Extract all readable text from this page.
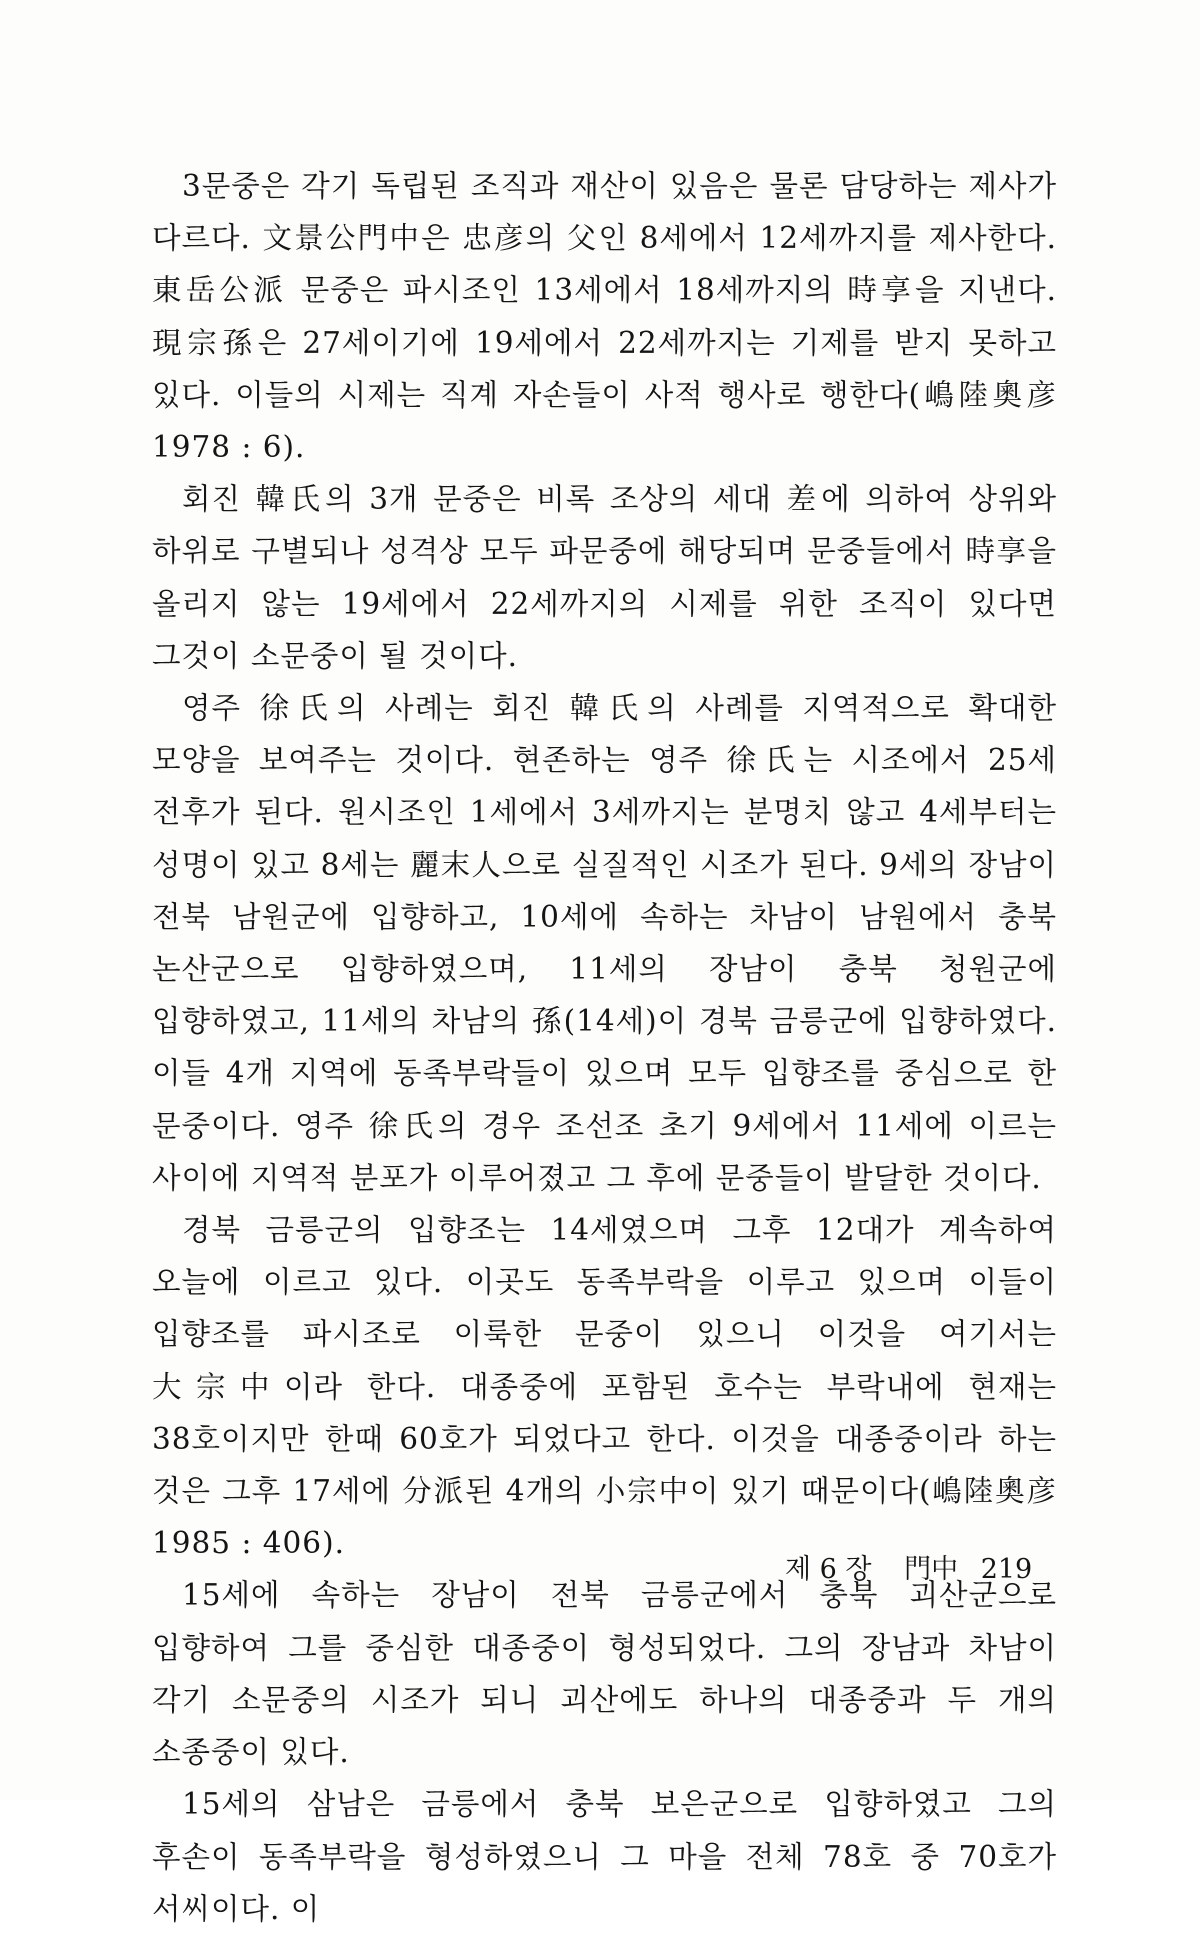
3문중은 각기 독립된 조직과 재산이 있음은 물론 담당하는 제사가 다르다. 文景公門中은 忠彦의 父인 8세에서 12세까지를 제사한다. 東岳公派 문중은 파시조인 13세에서 18세까지의 時享을 지낸다. 現宗孫은 27세이기에 19세에서 22세까지는 기제를 받지 못하고 있다. 이들의 시제는 직계 자손들이 사적 행사로 행한다(嶋陸奧彦 1978 : 6).

회진 韓氏의 3개 문중은 비록 조상의 세대 差에 의하여 상위와 하위로 구별되나 성격상 모두 파문중에 해당되며 문중들에서 時享을 올리지 않는 19세에서 22세까지의 시제를 위한 조직이 있다면 그것이 소문중이 될 것이다.

영주 徐氏의 사례는 회진 韓氏의 사례를 지역적으로 확대한 모양을 보여주는 것이다. 현존하는 영주 徐氏는 시조에서 25세 전후가 된다. 원시조인 1세에서 3세까지는 분명치 않고 4세부터는 성명이 있고 8세는 麗末人으로 실질적인 시조가 된다. 9세의 장남이 전북 남원군에 입향하고, 10세에 속하는 차남이 남원에서 충북 논산군으로 입향하였으며, 11세의 장남이 충북 청원군에 입향하였고, 11세의 차남의 孫(14세)이 경북 금릉군에 입향하였다. 이들 4개 지역에 동족부락들이 있으며 모두 입향조를 중심으로 한 문중이다. 영주 徐氏의 경우 조선조 초기 9세에서 11세에 이르는 사이에 지역적 분포가 이루어졌고 그 후에 문중들이 발달한 것이다.

경북 금릉군의 입향조는 14세였으며 그후 12대가 계속하여 오늘에 이르고 있다. 이곳도 동족부락을 이루고 있으며 이들이 입향조를 파시조로 이룩한 문중이 있으니 이것을 여기서는 大宗中이라 한다. 대종중에 포함된 호수는 부락내에 현재는 38호이지만 한때 60호가 되었다고 한다. 이것을 대종중이라 하는 것은 그후 17세에 分派된 4개의 小宗中이 있기 때문이다(嶋陸奧彦 1985 : 406).

15세에 속하는 장남이 전북 금릉군에서 충북 괴산군으로 입향하여 그를 중심한 대종중이 형성되었다. 그의 장남과 차남이 각기 소문중의 시조가 되니 괴산에도 하나의 대종중과 두 개의 소종중이 있다.

15세의 삼남은 금릉에서 충북 보은군으로 입향하였고 그의 후손이 동족부락을 형성하였으니 그 마을 전체 78호 중 70호가 서씨이다. 이

제 6 장 門中 219
